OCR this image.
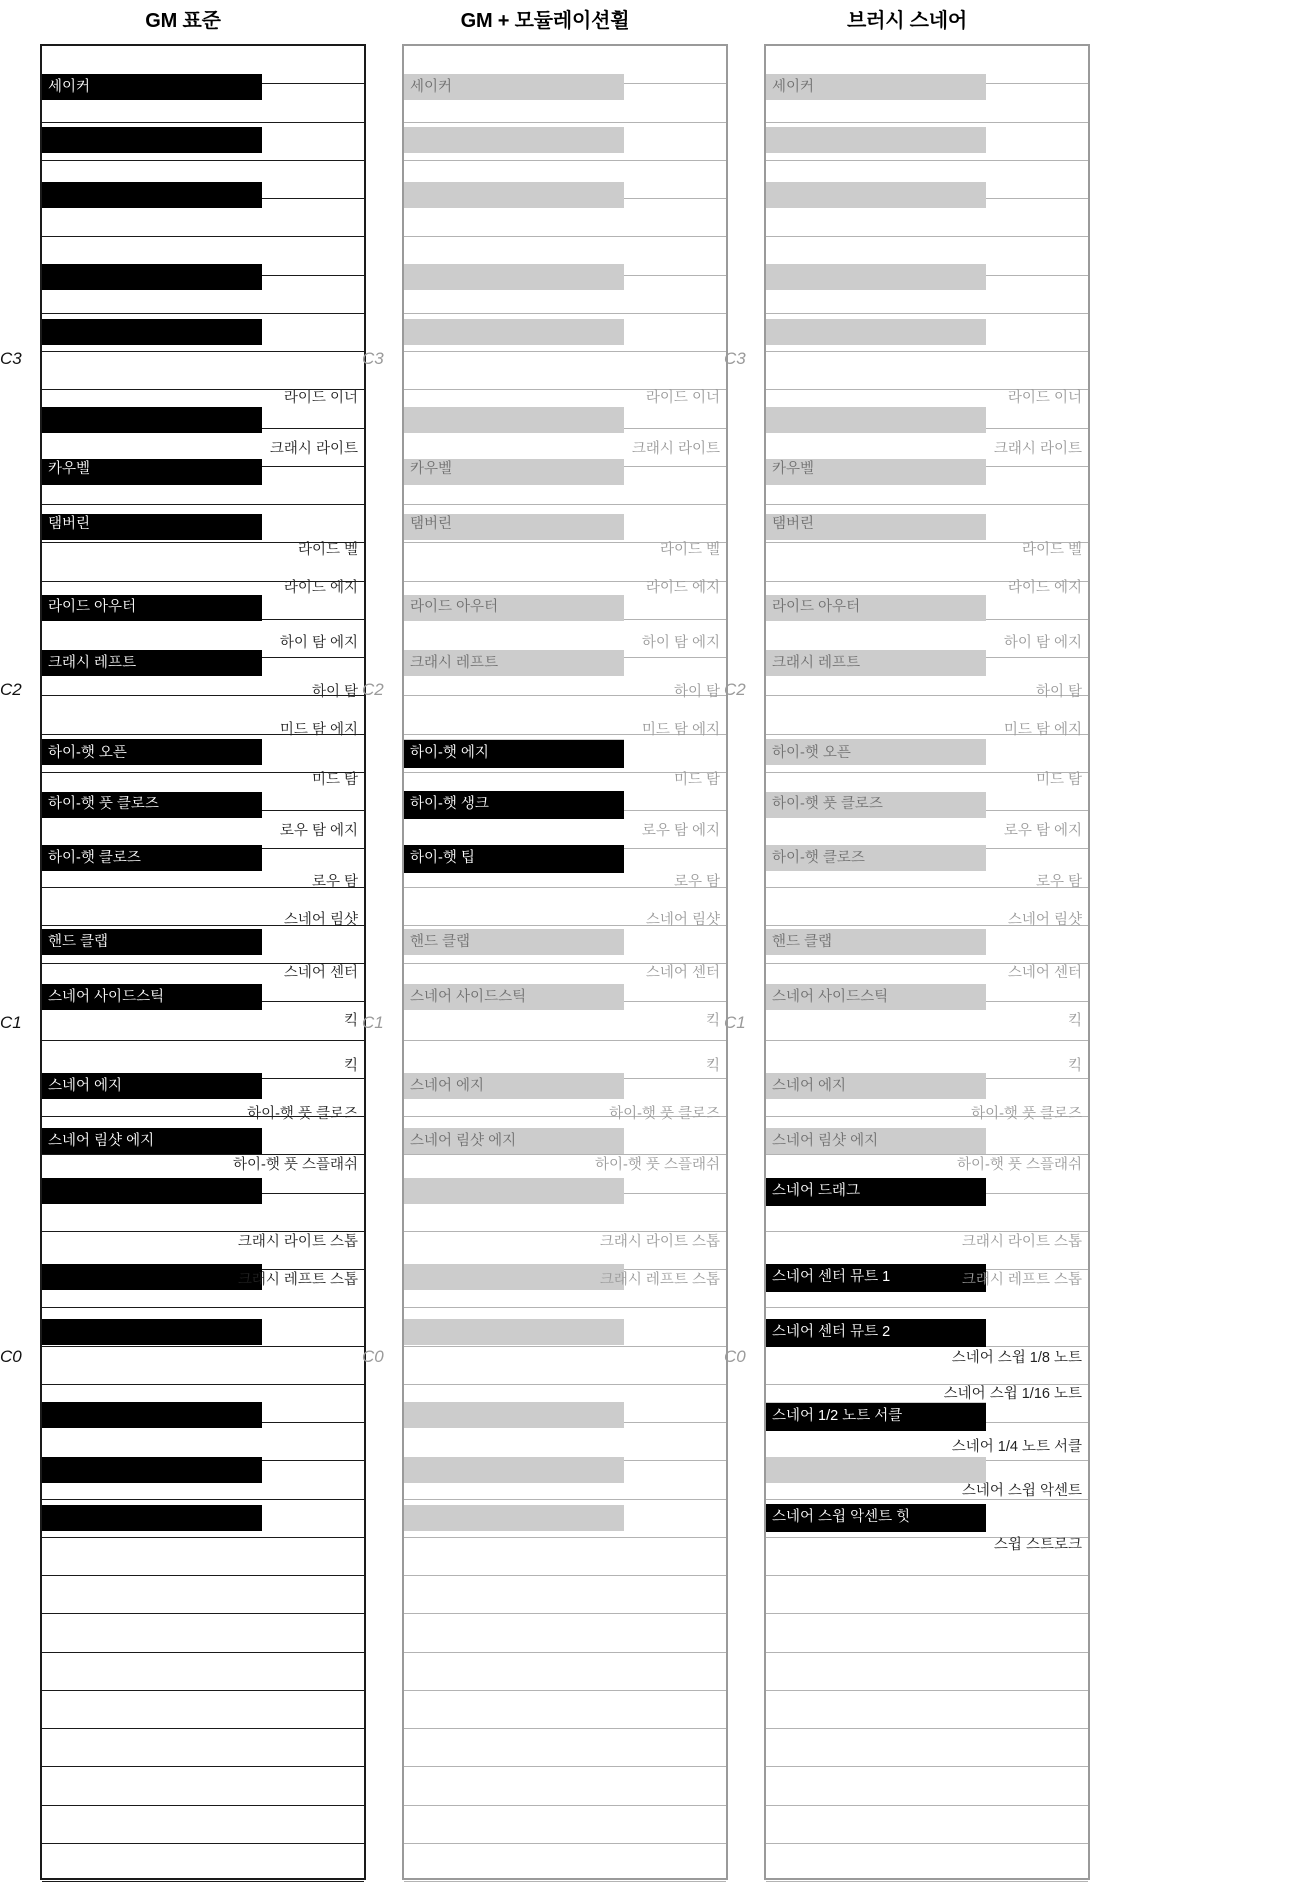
GM 표준
세이커
카우벨
탬버린
라이드 아우터
크래시 레프트
하이-햇 오픈
하이-햇 풋 클로즈
하이-햇 클로즈
핸드 클랩
스네어 사이드스틱
스네어 에지
스네어 림샷 에지
라이드 이너
크래시 라이트
라이드 벨
라이드 에지
하이 탐 에지
하이 탐
미드 탐 에지
미드 탐
로우 탐 에지
로우 탐
스네어 림샷
스네어 센터
킥
킥
하이-햇 풋 클로즈
하이-햇 풋 스플래쉬
크래시 라이트 스톱
크래시 레프트 스톱
C3
C2
C1
C0
GM + 모듈레이션휠
세이커
카우벨
탬버린
라이드 아우터
크래시 레프트
하이-햇 에지
하이-햇 생크
하이-햇 팁
핸드 클랩
스네어 사이드스틱
스네어 에지
스네어 림샷 에지
라이드 이너
크래시 라이트
라이드 벨
라이드 에지
하이 탐 에지
하이 탐
미드 탐 에지
미드 탐
로우 탐 에지
로우 탐
스네어 림샷
스네어 센터
킥
킥
하이-햇 풋 클로즈
하이-햇 풋 스플래쉬
크래시 라이트 스톱
크래시 레프트 스톱
C3
C2
C1
C0
브러시 스네어
세이커
카우벨
탬버린
라이드 아우터
크래시 레프트
하이-햇 오픈
하이-햇 풋 클로즈
하이-햇 클로즈
핸드 클랩
스네어 사이드스틱
스네어 에지
스네어 림샷 에지
스네어 드래그
스네어 센터 뮤트 1
스네어 센터 뮤트 2
스네어 1/2 노트 서클
스네어 스윕 악센트 힛
라이드 이너
크래시 라이트
라이드 벨
라이드 에지
하이 탐 에지
하이 탐
미드 탐 에지
미드 탐
로우 탐 에지
로우 탐
스네어 림샷
스네어 센터
킥
킥
하이-햇 풋 클로즈
하이-햇 풋 스플래쉬
크래시 라이트 스톱
크래시 레프트 스톱
스네어 스윕 1/8 노트
스네어 스윕 1/16 노트
스네어 1/4 노트 서클
스네어 스윕 악센트
스윕 스트로크
C3
C2
C1
C0
